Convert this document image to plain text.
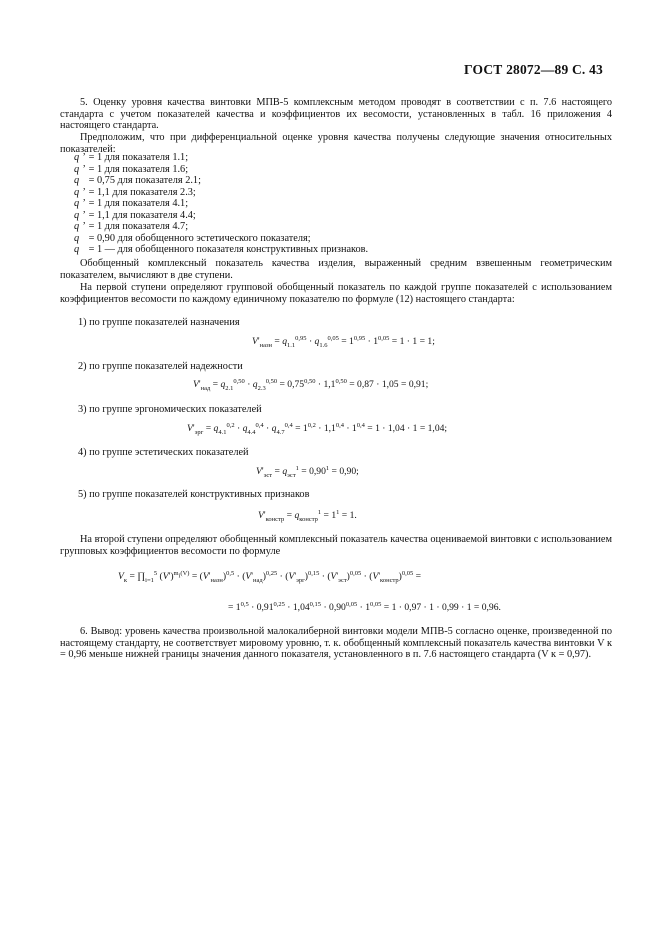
ГОСТ 28072—89 С. 43
5. Оценку уровня качества винтовки МПВ-5 комплексным методом проводят в соответствии с п. 7.6 настоящего стандарта с учетом показателей качества и коэффициентов их весомости, установленных в табл. 16 приложения 4 настоящего стандарта.
Предположим, что при дифференциальной оценке уровня качества получены следующие значения относительных показателей:
q ’ = 1 для показателя 1.1;
q ’ = 1 для показателя 1.6;
q = 0,75 для показателя 2.1;
q ’ = 1,1 для показателя 2.3;
q ’ = 1 для показателя 4.1;
q ’ = 1,1 для показателя 4.4;
q ’ = 1 для показателя 4.7;
q = 0,90 для обобщенного эстетического показателя;
q = 1 — для обобщенного показателя конструктивных признаков.
Обобщенный комплексный показатель качества изделия, выраженный средним взвешенным геометрическим показателем, вычисляют в две ступени.
На первой ступени определяют групповой обобщенный показатель по каждой группе показателей с использованием коэффициентов весомости по каждому единичному показателю по формуле (12) настоящего стандарта:
1) по группе показателей назначения
$V'_{назн} = q_{1.1}^{0,95} \cdot q_{1.6}^{0,05} = 1^{0,95} \cdot 1^{0,05} = 1 \cdot 1 = 1$;
2) по группе показателей надежности
$V'_{над} = q_{2.1}^{0,50} \cdot q_{2.3}^{0,50} = 0,75^{0,50} \cdot 1,1^{0,50} = 0,87 \cdot 1,05 = 0,91$;
3) по группе эргономических показателей
$V'_{эрг} = q_{4.1}^{0,2} \cdot q_{4.4}^{0,4} \cdot q_{4.7}^{0,4} = 1^{0,2} \cdot 1,1^{0,4} \cdot 1^{0,4} = 1 \cdot 1,04 \cdot 1 = 1,04$;
4) по группе эстетических показателей
$V'_{эст} = q_{эст}^1 = 0,90^1 = 0,90$;
5) по группе показателей конструктивных признаков
$V'_{констр} = q_{констр}^1 = 1^1 = 1$.
На второй ступени определяют обобщенный комплексный показатель качества оцениваемой винтовки с использованием групповых коэффициентов весомости по формуле
$V_к$ = $\prod_{i=1}^5$ $(V')^{m_i(V)} = (V'_{назн})^{0,5} \cdot (V'_{над})^{0,25} \cdot (V'_{эрг})^{0,15} \cdot (V'_{эст})^{0,05} \cdot (V'_{констр})^{0,05}$ =
= $1^{0,5} \cdot 0,91^{0,25} \cdot 1,04^{0,15} \cdot 0,90^{0,05} \cdot 1^{0,05} = 1 \cdot 0,97 \cdot 1 \cdot 0,99 \cdot 1 = 0,96$.
6. Вывод: уровень качества произвольной малокалиберной винтовки модели МПВ-5 согласно оценке, произведенной по настоящему стандарту, не соответствует мировому уровню, т. к. обобщенный комплексный показатель качества винтовки V к = 0,96 меньше нижней границы значения данного показателя, установленного в п. 7.6 настоящего стандарта (V к = 0,97).
